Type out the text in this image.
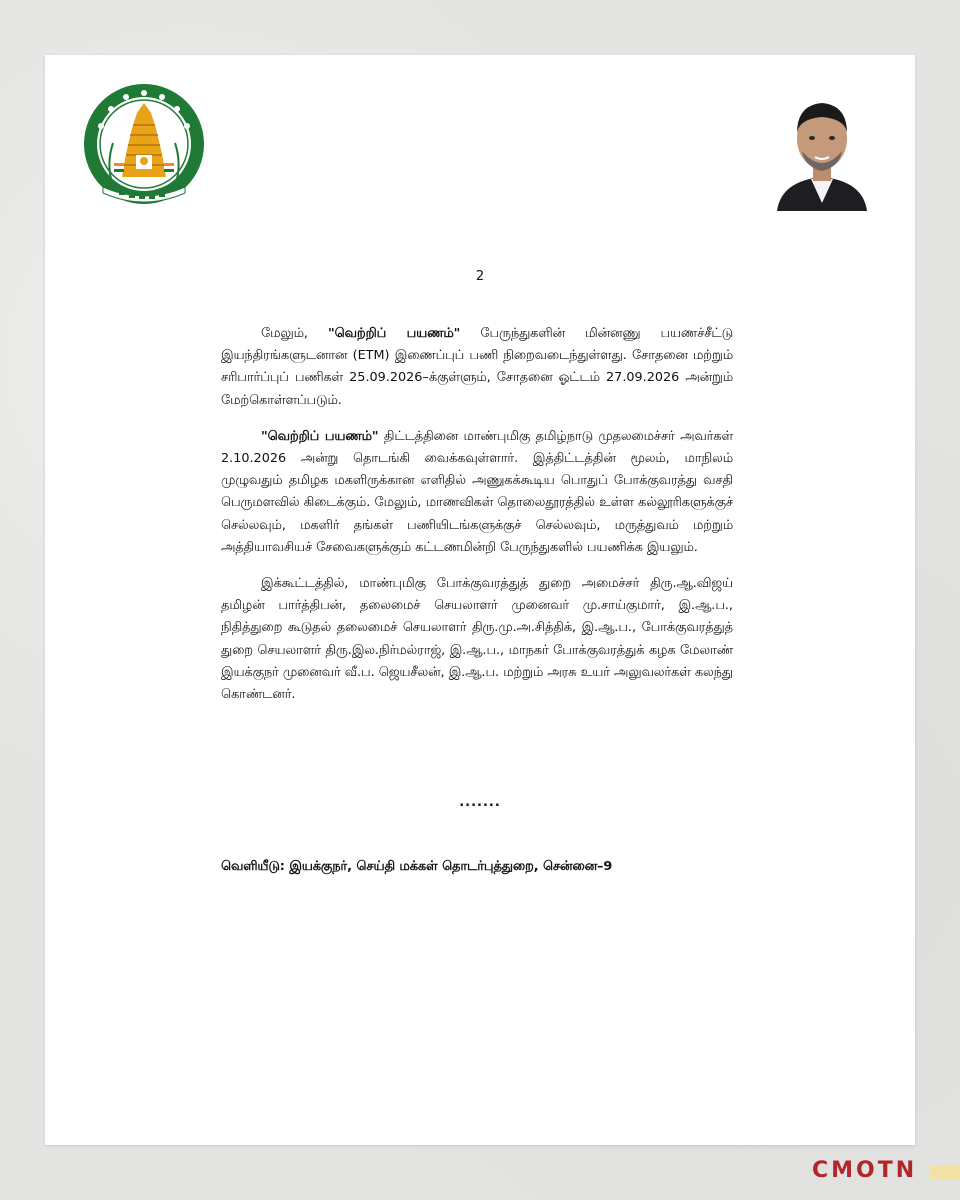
2

மேலும், "வெற்றிப் பயணம்" பேருந்துகளின் மின்னணு பயணச்சீட்டு இயந்திரங்களுடனான (ETM) இணைப்புப் பணி நிறைவடைந்துள்ளது. சோதனை மற்றும் சரிபார்ப்புப் பணிகள் 25.09.2026–க்குள்ளும், சோதனை ஓட்டம் 27.09.2026 அன்றும் மேற்கொள்ளப்படும்.

"வெற்றிப் பயணம்" திட்டத்தினை மாண்புமிகு தமிழ்நாடு முதலமைச்சர் அவர்கள் 2.10.2026 அன்று தொடங்கி வைக்கவுள்ளார். இத்திட்டத்தின் மூலம், மாநிலம் முழுவதும் தமிழக மகளிருக்கான எளிதில் அணுகக்கூடிய பொதுப் போக்குவரத்து வசதி பெருமளவில் கிடைக்கும். மேலும், மாணவிகள் தொலைதூரத்தில் உள்ள கல்லூரிகளுக்குச் செல்லவும், மகளிர் தங்கள் பணியிடங்களுக்குச் செல்லவும், மருத்துவம் மற்றும் அத்தியாவசியச் சேவைகளுக்கும் கட்டணமின்றி பேருந்துகளில் பயணிக்க இயலும்.

இக்கூட்டத்தில், மாண்புமிகு போக்குவரத்துத் துறை அமைச்சர் திரு.ஆ.விஜய் தமிழன் பார்த்திபன், தலைமைச் செயலாளர் முனைவர் மு.சாய்குமார், இ.ஆ.ப., நிதித்துறை கூடுதல் தலைமைச் செயலாளர் திரு.மு.அ.சித்திக், இ.ஆ.ப., போக்குவரத்துத் துறை செயலாளர் திரு.இல.நிர்மல்ராஜ், இ.ஆ.ப., மாநகர் போக்குவரத்துக் கழக மேலாண் இயக்குநர் முனைவர் வீ.ப. ஜெயசீலன், இ.ஆ.ப. மற்றும் அரசு உயர் அலுவலர்கள் கலந்து கொண்டனர்.

.......
வெளியீடு: இயக்குநர், செய்தி மக்கள் தொடர்புத்துறை, சென்னை–9
CMOTN
